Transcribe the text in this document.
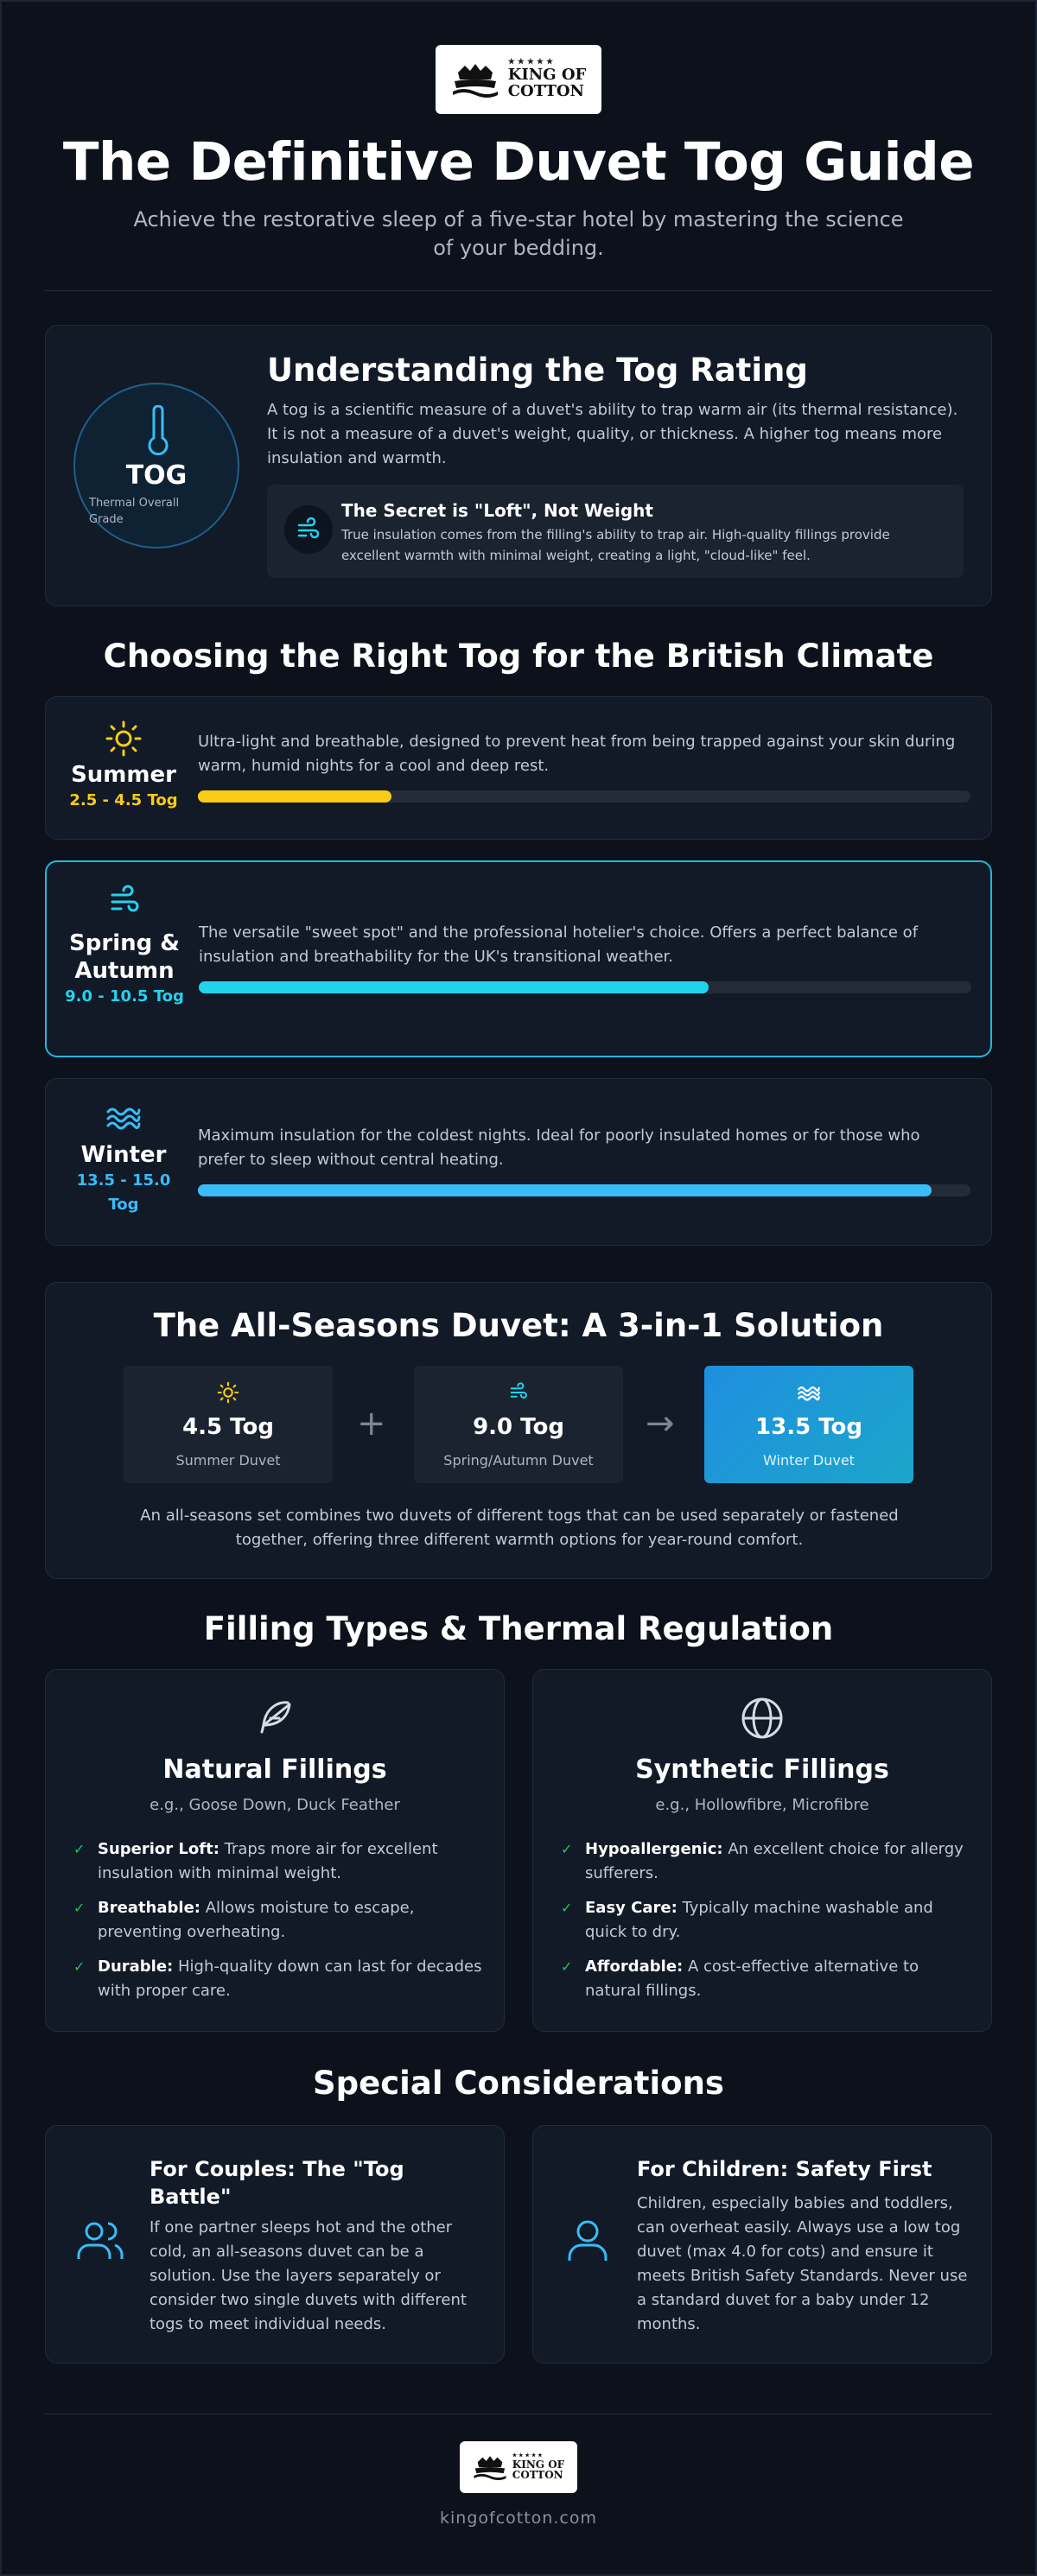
★★★★★
KING OF
COTTON
The Definitive Duvet Tog Guide
Achieve the restorative sleep of a five-star hotel by mastering the science of your bedding.
TOG
Thermal Overall Grade
Understanding the Tog Rating
A tog is a scientific measure of a duvet's ability to trap warm air (its thermal resistance). It is not a measure of a duvet's weight, quality, or thickness. A higher tog means more insulation and warmth.
The Secret is "Loft", Not Weight
True insulation comes from the filling's ability to trap air. High-quality fillings provide excellent warmth with minimal weight, creating a light, "cloud-like" feel.
Choosing the Right Tog for the British Climate
Summer
2.5 - 4.5 Tog
Ultra-light and breathable, designed to prevent heat from being trapped against your skin during warm, humid nights for a cool and deep rest.
Spring & Autumn
9.0 - 10.5 Tog
The versatile "sweet spot" and the professional hotelier's choice. Offers a perfect balance of insulation and breathability for the UK's transitional weather.
Winter
13.5 - 15.0 Tog
Maximum insulation for the coldest nights. Ideal for poorly insulated homes or for those who prefer to sleep without central heating.
The All-Seasons Duvet: A 3-in-1 Solution
4.5 Tog
Summer Duvet
+	9.0 Tog
Spring/Autumn Duvet
→	13.5 Tog
Winter Duvet
An all-seasons set combines two duvets of different togs that can be used separately or fastened together, offering three different warmth options for year-round comfort.
Filling Types & Thermal Regulation
Natural Fillings
e.g., Goose Down, Duck Feather
✓ Superior Loft: Traps more air for excellent insulation with minimal weight.
✓ Breathable: Allows moisture to escape, preventing overheating.
✓ Durable: High-quality down can last for decades with proper care.
Synthetic Fillings
e.g., Hollowfibre, Microfibre
✓ Hypoallergenic: An excellent choice for allergy sufferers.
✓ Easy Care: Typically machine washable and quick to dry.
✓ Affordable: A cost-effective alternative to natural fillings.
Special Considerations
For Couples: The "Tog Battle"
If one partner sleeps hot and the other cold, an all-seasons duvet can be a solution. Use the layers separately or consider two single duvets with different togs to meet individual needs.
For Children: Safety First
Children, especially babies and toddlers, can overheat easily. Always use a low tog duvet (max 4.0 for cots) and ensure it meets British Safety Standards. Never use a standard duvet for a baby under 12 months.
★★★★★
KING OF
COTTON
kingofcotton.com
